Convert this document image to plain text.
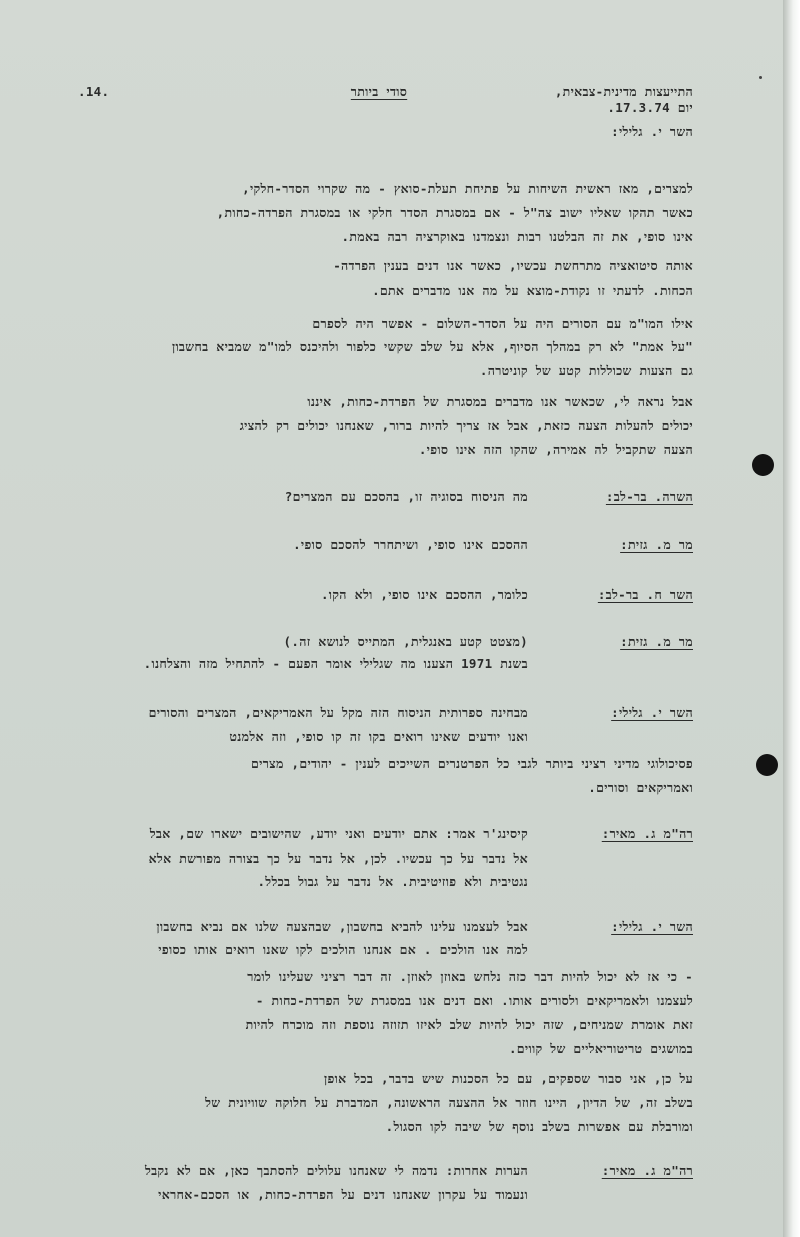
.14.	סודי ביותר	התייעצות מדינית-צבאית,
יום 17.3.74.
השר י. גלילי:
למצרים, מאז ראשית השיחות על פתיחת תעלת-סואץ - מה שקרוי הסדר-חלקי,
כאשר תהקו שאליו ישוב צה"ל - אם במסגרת הסדר חלקי או במסגרת הפרדה-כחות,
אינו סופי, את זה הבלטנו רבות ונצמדנו באוקרציה רבה באמת.
אותה סיטואציה מתרחשת עכשיו, כאשר אנו דנים בענין הפרדה-
הכחות. לדעתי זו נקודת-מוצא על מה אנו מדברים אתם.
אילו המו"מ עם הסורים היה על הסדר-השלום - אפשר היה לספרם
"על אמת" לא רק במהלך הסיוף, אלא על שלב שקשי כלפור ולהיכנס למו"מ שמביא בחשבון
גם הצעות שכוללות קטע של קוניטרה.
אבל נראה לי, שכאשר אנו מדברים במסגרת של הפרדת-כחות, איננו
יכולים להעלות הצעה כזאת, אבל אז צריך להיות ברור, שאנחנו יכולים רק להציג
הצעה שתקביל לה אמירה, שהקו הזה אינו סופי.
השרה. בר-לב:
מה הניסוח בסוגיה זו, בהסכם עם המצרים?
מר מ. גזית:
ההסכם אינו סופי, ושיתחרר להסכם סופי.
השר ח. בר-לב:
כלומר, ההסכם אינו סופי, ולא הקו.
מר מ. גזית:
(מצטט קטע באנגלית, המתייס לנושא זה.)
בשנת 1971 הצענו מה שגלילי אומר הפעם - להתחיל מזה והצלחנו.
השר י. גלילי:
מבחינה ספרותית הניסוח הזה מקל על האמריקאים, המצרים והסורים
ואנו יודעים שאינו רואים בקו זה קו סופי, וזה אלמנט
פסיכולוגי מדיני רציני ביותר לגבי כל הפרטנרים השייכים לענין - יהודים, מצרים
ואמריקאים וסורים.
רה"מ ג. מאיר:
קיסינג'ר אמר: אתם יודעים ואני יודע, שהישובים ישארו שם, אבל
אל נדבר על כך עכשיו. לכן, אל נדבר על כך בצורה מפורשת אלא
נגטיבית ולא פוזיטיבית. אל נדבר על גבול בכלל.
השר י. גלילי:
אבל לעצמנו עלינו להביא בחשבון, שבהצעה שלנו אם נביא בחשבון
למה אנו הולכים . אם אנחנו הולכים לקו שאנו רואים אותו כסופי
- כי אז לא יכול להיות דבר כזה נלחש באוזן לאוזן. זה דבר רציני שעלינו לומר
לעצמנו ולאמריקאים ולסורים אותו. ואם דנים אנו במסגרת של הפרדת-כחות -
זאת אומרת שמניחים, שזה יכול להיות שלב לאיזו תזוזה נוספת וזה מוכרח להיות
במושגים טריטוריאליים של קווים.
על כן, אני סבור שספקים, עם כל הסכנות שיש בדבר, בכל אופן
בשלב זה, של הדיון, היינו חוזר אל ההצעה הראשונה, המדברת על חלוקה שוויונית של
ומורבלת עם אפשרות בשלב נוסף של שיבה לקו הסגול.
רה"מ ג. מאיר:
הערות אחרות: נדמה לי שאנחנו עלולים להסתבך כאן, אם לא נקבל
ונעמוד על עקרון שאנחנו דנים על הפרדת-כחות, או הסכם-אחראי
